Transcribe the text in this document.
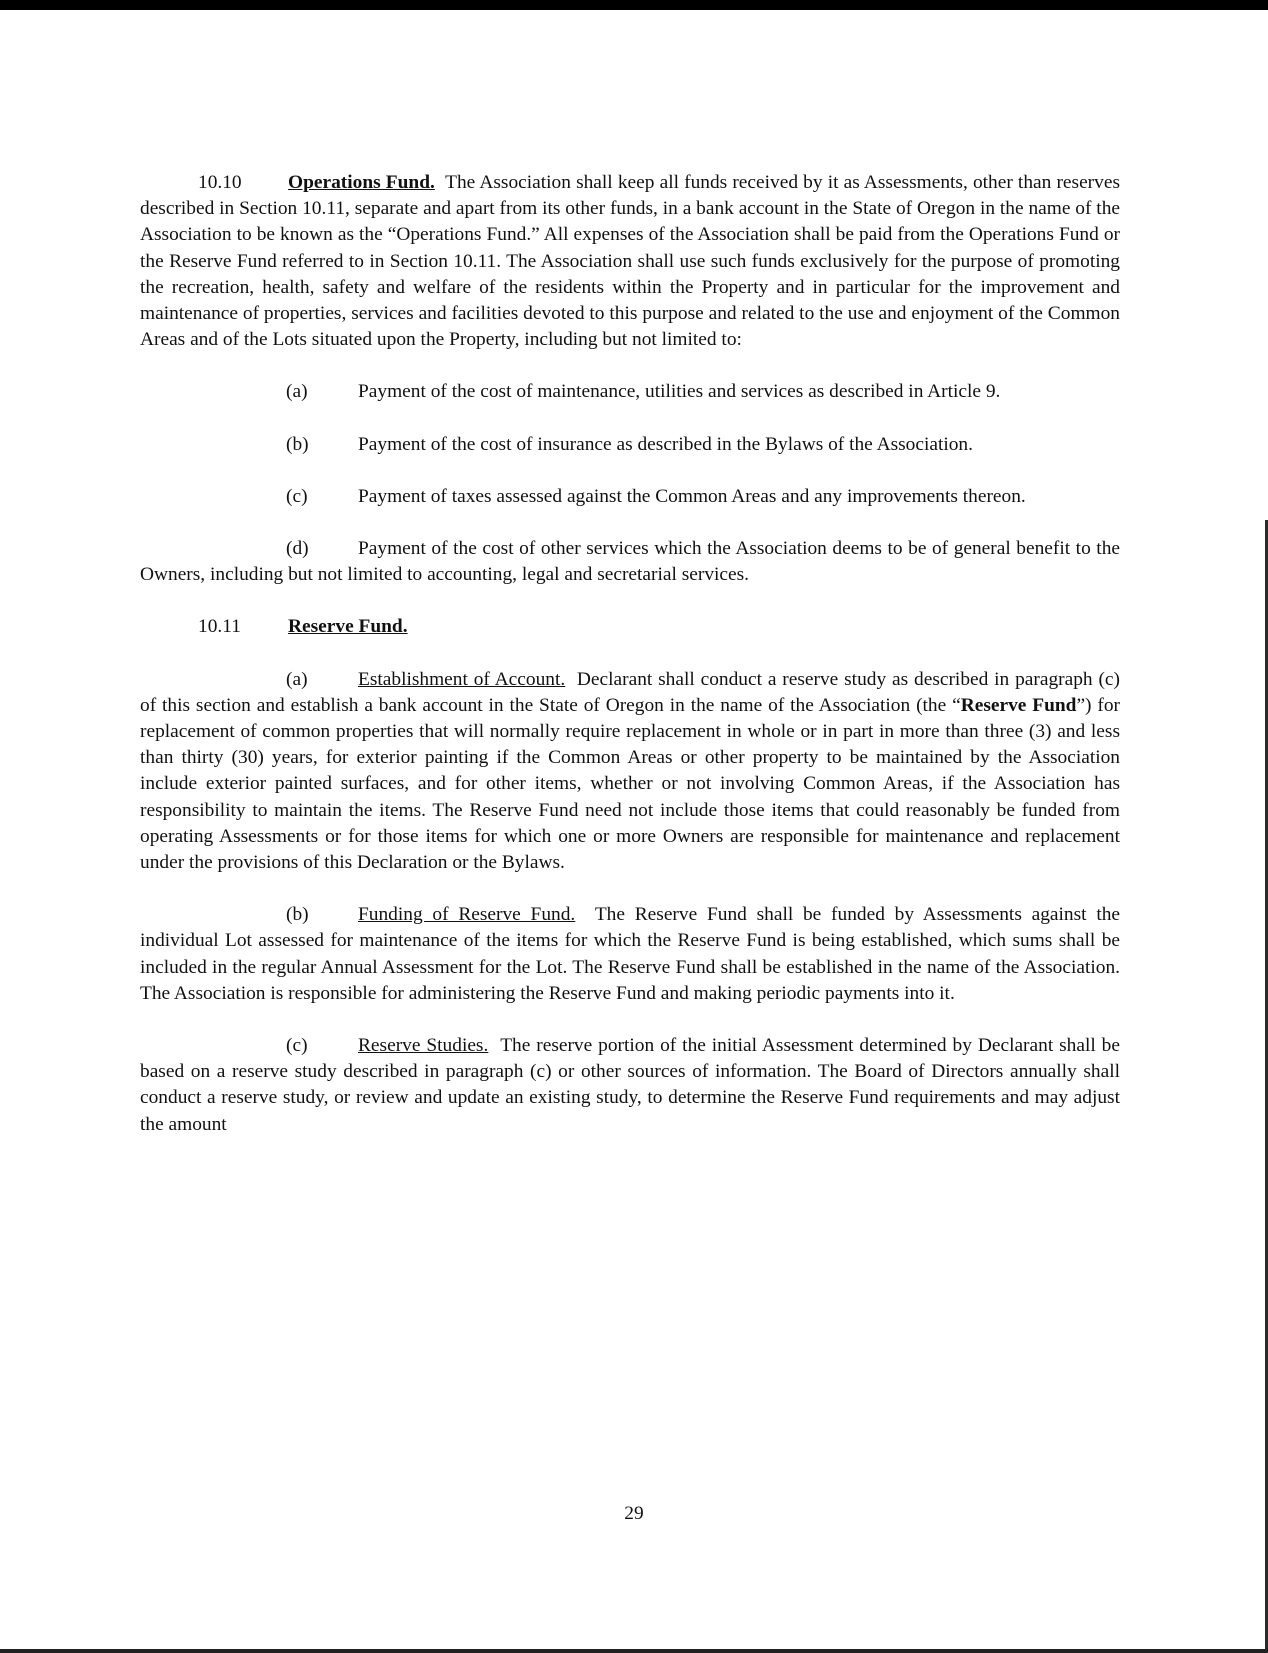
10.10 Operations Fund. The Association shall keep all funds received by it as Assessments, other than reserves described in Section 10.11, separate and apart from its other funds, in a bank account in the State of Oregon in the name of the Association to be known as the “Operations Fund.” All expenses of the Association shall be paid from the Operations Fund or the Reserve Fund referred to in Section 10.11. The Association shall use such funds exclusively for the purpose of promoting the recreation, health, safety and welfare of the residents within the Property and in particular for the improvement and maintenance of properties, services and facilities devoted to this purpose and related to the use and enjoyment of the Common Areas and of the Lots situated upon the Property, including but not limited to:

(a)	Payment of the cost of maintenance, utilities and services as described in Article 9.

(b)	Payment of the cost of insurance as described in the Bylaws of the Association.

(c)	Payment of taxes assessed against the Common Areas and any improvements thereon.

(d)	Payment of the cost of other services which the Association deems to be of general benefit to the Owners, including but not limited to accounting, legal and secretarial services.

10.11 Reserve Fund.

(a)	Establishment of Account. Declarant shall conduct a reserve study as described in paragraph (c) of this section and establish a bank account in the State of Oregon in the name of the Association (the “Reserve Fund”) for replacement of common properties that will normally require replacement in whole or in part in more than three (3) and less than thirty (30) years, for exterior painting if the Common Areas or other property to be maintained by the Association include exterior painted surfaces, and for other items, whether or not involving Common Areas, if the Association has responsibility to maintain the items. The Reserve Fund need not include those items that could reasonably be funded from operating Assessments or for those items for which one or more Owners are responsible for maintenance and replacement under the provisions of this Declaration or the Bylaws.

(b)	Funding of Reserve Fund. The Reserve Fund shall be funded by Assessments against the individual Lot assessed for maintenance of the items for which the Reserve Fund is being established, which sums shall be included in the regular Annual Assessment for the Lot. The Reserve Fund shall be established in the name of the Association. The Association is responsible for administering the Reserve Fund and making periodic payments into it.

(c)	Reserve Studies. The reserve portion of the initial Assessment determined by Declarant shall be based on a reserve study described in paragraph (c) or other sources of information. The Board of Directors annually shall conduct a reserve study, or review and update an existing study, to determine the Reserve Fund requirements and may adjust the amount

29
